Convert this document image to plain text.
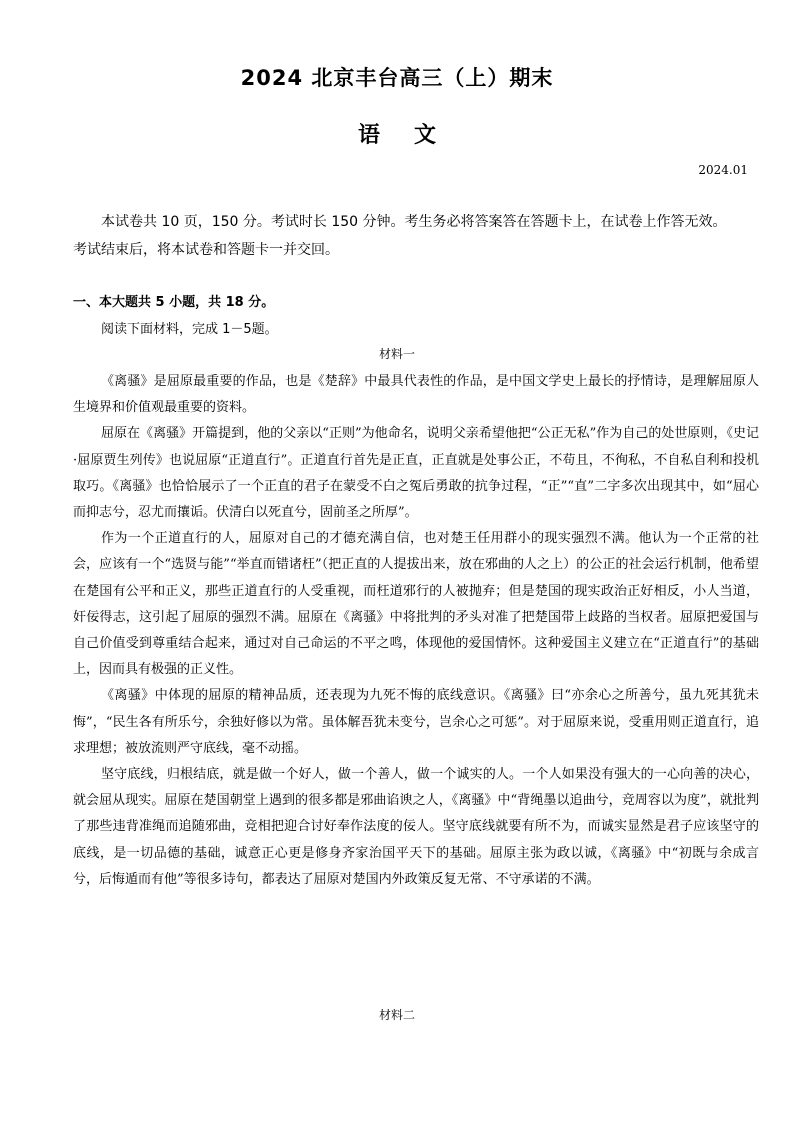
2024 北京丰台高三（上）期末
语文
2024.01

本试卷共 10 页，150 分。考试时长 150 分钟。考生务必将答案答在答题卡上，在试卷上作答无效。

考试结束后，将本试卷和答题卡一并交回。

一、本大题共 5 小题，共 18 分。
阅读下面材料，完成 1－5题。
材料一

《离骚》是屈原最重要的作品，也是《楚辞》中最具代表性的作品，是中国文学史上最长的抒情诗，是理解屈原人生境界和价值观最重要的资料。

屈原在《离骚》开篇提到，他的父亲以“正则”为他命名，说明父亲希望他把“公正无私”作为自己的处世原则，《史记·屈原贾生列传》也说屈原“正道直行”。正道直行首先是正直，正直就是处事公正，不苟且，不徇私，不自私自利和投机取巧。《离骚》也恰恰展示了一个正直的君子在蒙受不白之冤后勇敢的抗争过程，“正”“直”二字多次出现其中，如“屈心而抑志兮，忍尤而攘诟。伏清白以死直兮，固前圣之所厚”。

作为一个正道直行的人，屈原对自己的才德充满自信，也对楚王任用群小的现实强烈不满。他认为一个正常的社会，应该有一个“选贤与能”“举直而错诸枉”（把正直的人提拔出来，放在邪曲的人之上）的公正的社会运行机制，他希望在楚国有公平和正义，那些正道直行的人受重视，而枉道邪行的人被抛弃；但是楚国的现实政治正好相反，小人当道，奸佞得志，这引起了屈原的强烈不满。屈原在《离骚》中将批判的矛头对准了把楚国带上歧路的当权者。屈原把爱国与自己价值受到尊重结合起来，通过对自己命运的不平之鸣，体现他的爱国情怀。这种爱国主义建立在“正道直行”的基础上，因而具有极强的正义性。

《离骚》中体现的屈原的精神品质，还表现为九死不悔的底线意识。《离骚》曰“亦余心之所善兮，虽九死其犹未悔”，“民生各有所乐兮，余独好修以为常。虽体解吾犹未变兮，岂余心之可惩”。对于屈原来说，受重用则正道直行，追求理想；被放流则严守底线，毫不动摇。

坚守底线，归根结底，就是做一个好人，做一个善人，做一个诚实的人。一个人如果没有强大的一心向善的决心，就会屈从现实。屈原在楚国朝堂上遇到的很多都是邪曲谄谀之人，《离骚》中“背绳墨以追曲兮，竞周容以为度”，就批判了那些违背准绳而追随邪曲，竞相把迎合讨好奉作法度的佞人。坚守底线就要有所不为，而诚实显然是君子应该坚守的底线，是一切品德的基础，诚意正心更是修身齐家治国平天下的基础。屈原主张为政以诚，《离骚》中“初既与余成言兮，后悔遁而有他”等很多诗句，都表达了屈原对楚国内外政策反复无常、不守承诺的不满。

材料二
